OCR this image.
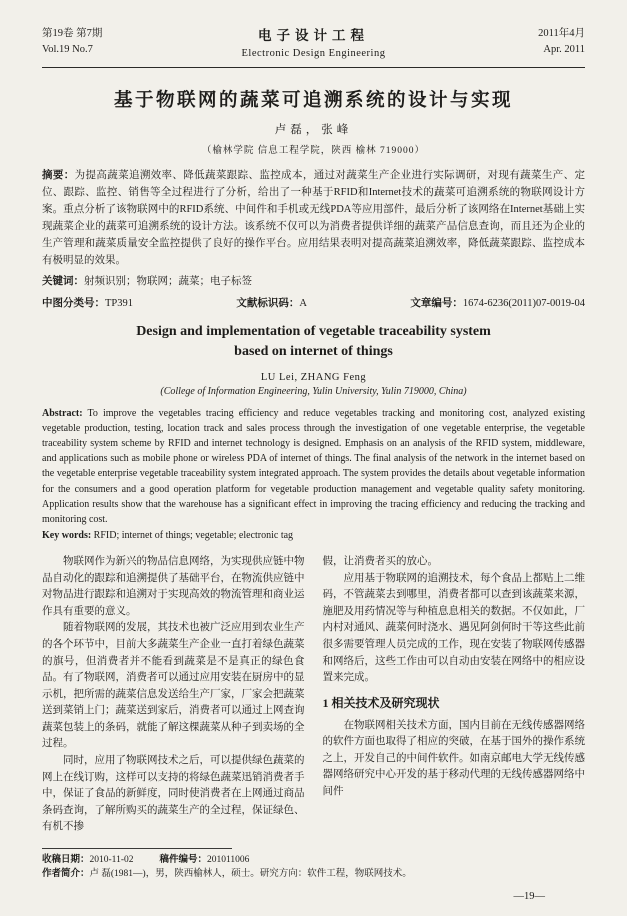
第19卷 第7期
Vol.19 No.7
电子设计工程
Electronic Design Engineering
2011年4月
Apr. 2011
基于物联网的蔬菜可追溯系统的设计与实现
卢磊，张峰
（榆林学院 信息工程学院，陕西 榆林 719000）

摘要：为提高蔬菜追溯效率、降低蔬菜跟踪、监控成本，通过对蔬菜生产企业进行实际调研，对现有蔬菜生产、定位、跟踪、监控、销售等全过程进行了分析，给出了一种基于RFID和Internet技术的蔬菜可追溯系统的物联网设计方案。重点分析了该物联网中的RFID系统、中间件和手机或无线PDA等应用部件，最后分析了该网络在Internet基础上实现蔬菜企业的蔬菜可追溯系统的设计方法。该系统不仅可以为消费者提供详细的蔬菜产品信息查询，而且还为企业的生产管理和蔬菜质量安全监控提供了良好的操作平台。应用结果表明对提高蔬菜追溯效率，降低蔬菜跟踪、监控成本有极明显的效果。

关键词：射频识别；物联网；蔬菜；电子标签

中图分类号：TP391	文献标识码：A	文章编号：1674-6236(2011)07-0019-04
Design and implementation of vegetable traceability system
based on internet of things
LU Lei, ZHANG Feng
(College of Information Engineering, Yulin University, Yulin 719000, China)

Abstract: To improve the vegetables tracing efficiency and reduce vegetables tracking and monitoring cost, analyzed existing vegetable production, testing, location track and sales process through the investigation of one vegetable enterprise, the vegetable traceability system scheme by RFID and internet technology is designed. Emphasis on an analysis of the RFID system, middleware, and applications such as mobile phone or wireless PDA of internet of things. The final analysis of the network in the internet based on the vegetable enterprise vegetable traceability system integrated approach. The system provides the details about vegetable information for the consumers and a good operation platform for vegetable production management and vegetable quality safety monitoring. Application results show that the warehouse has a significant effect in improving the tracing efficiency and reducing the tracking and monitoring cost.

Key words: RFID; internet of things; vegetable; electronic tag

物联网作为新兴的物品信息网络，为实现供应链中物品自动化的跟踪和追溯提供了基础平台，在物流供应链中对物品进行跟踪和追溯对于实现高效的物流管理和商业运作具有重要的意义。

随着物联网的发展，其技术也被广泛应用到农业生产的各个环节中，目前大多蔬菜生产企业一直打着绿色蔬菜的旗号，但消费者并不能看到蔬菜是不是真正的绿色食品。有了物联网，消费者可以通过应用安装在厨房中的显示机，把所需的蔬菜信息发送给生产厂家，厂家会把蔬菜送到菜销上门；蔬菜送到家后，消费者可以通过上网查询蔬菜包装上的条码，就能了解这棵蔬菜从种子到卖场的全过程。

同时，应用了物联网技术之后，可以提供绿色蔬菜的网上在线订购，这样可以支持的将绿色蔬菜迅销消费者手中，保证了食品的新鲜度，同时使消费者在上网通过商品条码查询，了解所购买的蔬菜生产的全过程，保证绿色、有机不掺

假，让消费者买的放心。

应用基于物联网的追溯技术，每个食品上都贴上二维码，不管蔬菜去到哪里，消费者都可以查到该蔬菜来源，施肥及用药情况等与种植息息相关的数据。不仅如此，厂内村对通风、蔬菜何时浇水、遇见阿剑何时干等这些此前很多需要管理人员完成的工作，现在安装了物联网传感器和网络后，这些工作由可以自动由安装在网络中的相应设置来完成。

1 相关技术及研究现状

在物联网相关技术方面，国内目前在无线传感器网络的软件方面也取得了相应的突破，在基于国外的操作系统之上，开发自己的中间件软件。如南京邮电大学无线传感器网络研究中心开发的基于移动代理的无线传感器网络中间件

收稿日期：2010-11-02	稿件编号：201011006
作者简介：卢 磊(1981—)，男，陕西榆林人，硕士。研究方向：软件工程，物联网技术。
—19—
